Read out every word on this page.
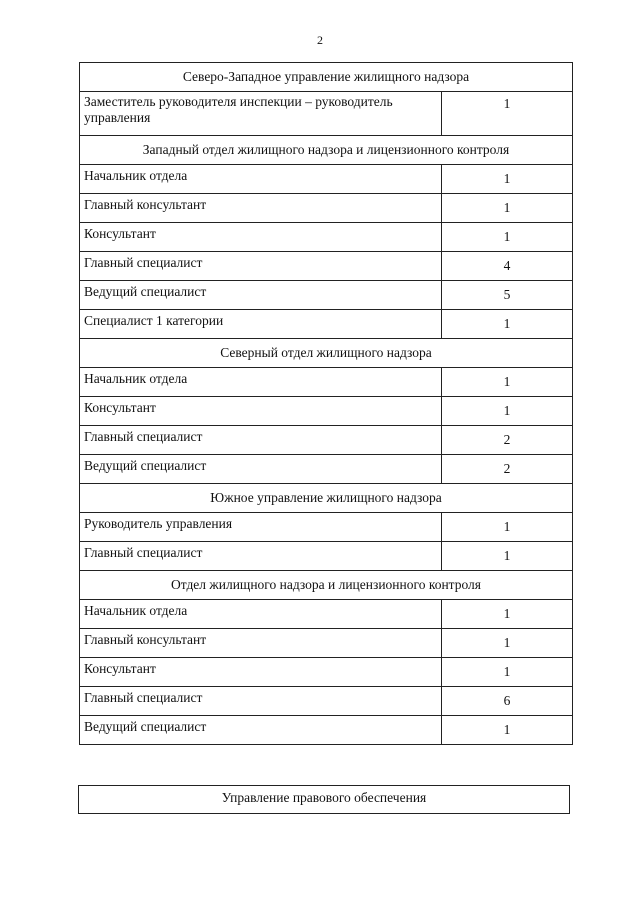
2
Северо-Западное управление жилищного надзора	
Заместитель руководителя инспекции – руководитель управления	1
Западный отдел жилищного надзора и лицензионного контроля	
Начальник отдела	1
Главный консультант	1
Консультант	1
Главный специалист	4
Ведущий специалист	5
Специалист 1 категории	1
Северный отдел жилищного надзора	
Начальник отдела	1
Консультант	1
Главный специалист	2
Ведущий специалист	2
Южное управление жилищного надзора	
Руководитель управления	1
Главный специалист	1
Отдел жилищного надзора и лицензионного контроля	
Начальник отдела	1
Главный консультант	1
Консультант	1
Главный специалист	6
Ведущий специалист	1
Управление правового обеспечения
